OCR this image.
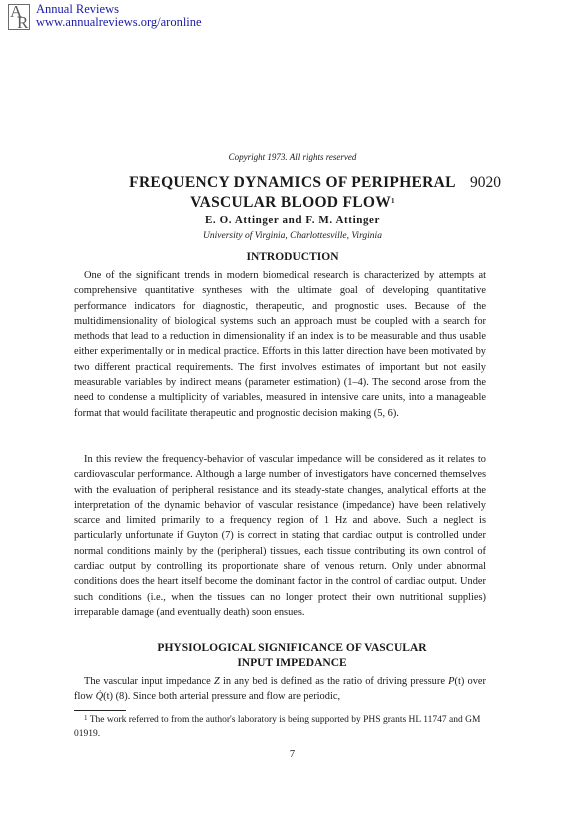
A
R
Annual Reviews
www.annualreviews.org/aronline
Copyright 1973. All rights reserved
FREQUENCY DYNAMICS OF PERIPHERAL
VASCULAR BLOOD FLOW$^1$
9020
E. O. Attinger and F. M. Attinger
University of Virginia, Charlottesville, Virginia
INTRODUCTION
One of the significant trends in modern biomedical research is characterized by attempts at comprehensive quantitative syntheses with the ultimate goal of developing quantitative performance indicators for diagnostic, therapeutic, and prognostic uses. Because of the multidimensionality of biological systems such an approach must be coupled with a search for methods that lead to a reduction in dimensionality if an index is to be measurable and thus usable either experimentally or in medical practice. Efforts in this latter direction have been motivated by two different practical requirements. The first involves estimates of important but not easily measurable variables by indirect means (parameter estimation) (1–4). The second arose from the need to condense a multiplicity of variables, measured in intensive care units, into a manageable format that would facilitate therapeutic and prognostic decision making (5, 6).
In this review the frequency-behavior of vascular impedance will be considered as it relates to cardiovascular performance. Although a large number of investigators have concerned themselves with the evaluation of peripheral resistance and its steady-state changes, analytical efforts at the interpretation of the dynamic behavior of vascular resistance (impedance) have been relatively scarce and limited primarily to a frequency region of 1 Hz and above. Such a neglect is particularly unfortunate if Guyton (7) is correct in stating that cardiac output is controlled under normal conditions mainly by the (peripheral) tissues, each tissue contributing its own control of cardiac output by controlling its proportionate share of venous return. Only under abnormal conditions does the heart itself become the dominant factor in the control of cardiac output. Under such conditions (i.e., when the tissues can no longer protect their own nutritional supplies) irreparable damage (and eventually death) soon ensues.
PHYSIOLOGICAL SIGNIFICANCE OF VASCULAR INPUT IMPEDANCE
The vascular input impedance Z in any bed is defined as the ratio of driving pressure P(t) over flow Q̇(t) (8). Since both arterial pressure and flow are periodic,
$^1$ The work referred to from the author's laboratory is being supported by PHS grants HL 11747 and GM 01919.
7
